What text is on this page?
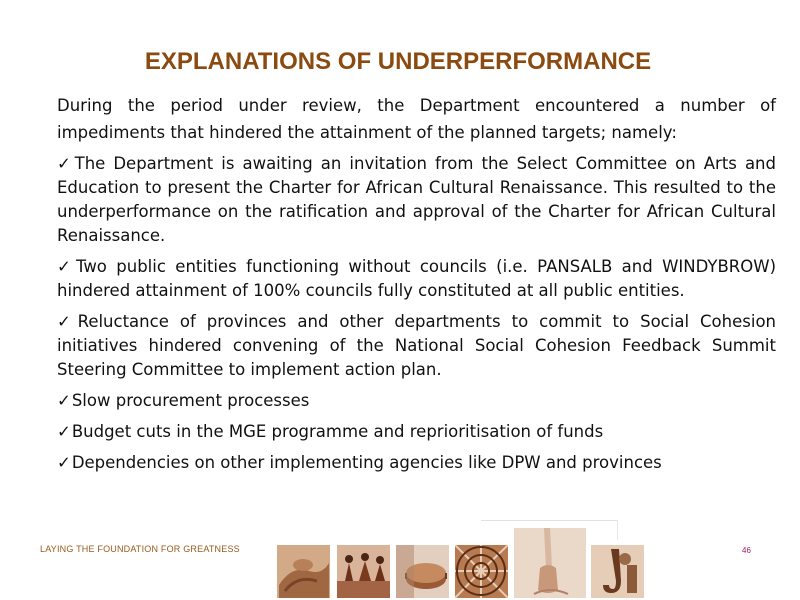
EXPLANATIONS OF UNDERPERFORMANCE

During the period under review, the Department encountered a number of impediments that hindered the attainment of the planned targets; namely:

✓The Department is awaiting an invitation from the Select Committee on Arts and Education to present the Charter for African Cultural Renaissance. This resulted to the underperformance on the ratification and approval of the Charter for African Cultural Renaissance.

✓Two public entities functioning without councils (i.e. PANSALB and WINDYBROW) hindered attainment of 100% councils fully constituted at all public entities.

✓Reluctance of provinces and other departments to commit to Social Cohesion initiatives hindered convening of the National Social Cohesion Feedback Summit Steering Committee to implement action plan.

✓Slow procurement processes

✓Budget cuts in the MGE programme and reprioritisation of funds

✓Dependencies on other implementing agencies like DPW and provinces

LAYING THE FOUNDATION FOR GREATNESS	46
